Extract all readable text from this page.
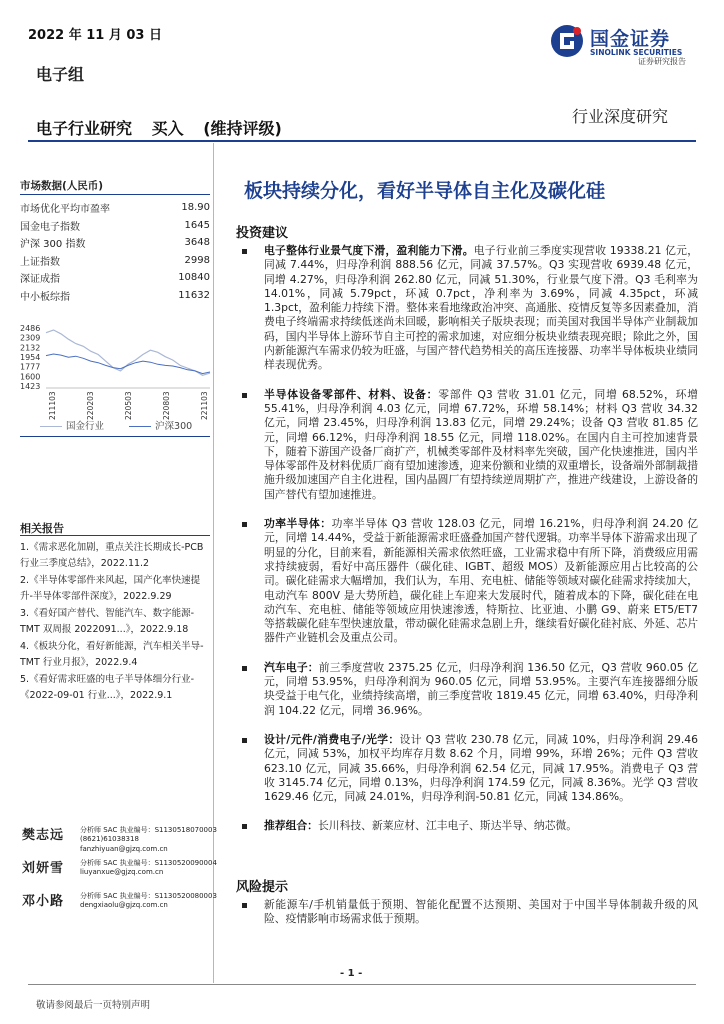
2022 年 11 月 03 日	国金证券
SINOLINK SECURITIES
证券研究报告
电子组
电子行业研究 买入 (维持评级)
行业深度研究
市场数据(人民币)
市场优化平均市盈率	18.90
国金电子指数	1645
沪深 300 指数	3648
上证指数	2998
深证成指	10840
中小板综指	11632
2486
2309
2132
1954
1777
1600
1423
211103	220203	220503	220803	221103
国金行业	沪深300
相关报告
1.《需求恶化加剧，重点关注长期成长-PCB 行业三季度总结》，2022.11.2
2.《半导体零部件来风起，国产化率快速提升-半导体零部件深度》，2022.9.29
3.《看好国产替代、智能汽车、数字能源-TMT 双周报 2022091...》，2022.9.18
4.《板块分化，看好新能源，汽车相关半导-TMT 行业月报》，2022.9.4
5.《看好需求旺盛的电子半导体细分行业-《2022-09-01 行业...》，2022.9.1
樊志远 分析师 SAC 执业编号：S1130518070003
(8621)61038318
fanzhiyuan@gjzq.com.cn
刘妍雪 分析师 SAC 执业编号：S1130520090004
liuyanxue@gjzq.com.cn
邓小路 分析师 SAC 执业编号：S1130520080003
dengxiaolu@gjzq.com.cn
板块持续分化，看好半导体自主化及碳化硅
投资建议
电子整体行业景气度下滑，盈利能力下滑。电子行业前三季度实现营收 19338.21 亿元，同减 7.44%，归母净利润 888.56 亿元，同减 37.57%。Q3 实现营收 6939.48 亿元，同增 4.27%，归母净利润 262.80 亿元，同减 51.30%，行业景气度下滑。Q3 毛利率为 14.01%，同减 5.79pct，环减 0.7pct，净利率为 3.69%，同减 4.35pct，环减 1.3pct，盈利能力持续下滑。整体来看地缘政治冲突、高通胀、疫情反复等多因素叠加，消费电子终端需求持续低迷尚未回暖，影响相关子版块表现；而美国对我国半导体产业制裁加码，国内半导体上游环节自主可控的需求加速，对应细分板块业绩表现亮眼；除此之外，国内新能源汽车需求仍较为旺盛，与国产替代趋势相关的高压连接器、功率半导体板块业绩同样表现优秀。
半导体设备零部件、材料、设备：零部件 Q3 营收 31.01 亿元，同增 68.52%，环增 55.41%，归母净利润 4.03 亿元，同增 67.72%，环增 58.14%；材料 Q3 营收 34.32 亿元，同增 23.45%，归母净利润 13.83 亿元，同增 29.24%；设备 Q3 营收 81.85 亿元，同增 66.12%，归母净利润 18.55 亿元，同增 118.02%。在国内自主可控加速背景下，随着下游国产设备厂商扩产，机械类零部件及材料率先突破，国产化快速推进，国内半导体零部件及材料优质厂商有望加速渗透，迎来份额和业绩的双重增长，设备端外部制裁措施升级加速国产自主化进程，国内晶圆厂有望持续逆周期扩产，推进产线建设，上游设备的国产替代有望加速推进。
功率半导体：功率半导体 Q3 营收 128.03 亿元，同增 16.21%，归母净利润 24.20 亿元，同增 14.44%，受益于新能源需求旺盛叠加国产替代逻辑。功率半导体下游需求出现了明显的分化，目前来看，新能源相关需求依然旺盛，工业需求稳中有所下降，消费级应用需求持续疲弱，看好中高压器件（碳化硅、IGBT、超级 MOS）及新能源应用占比较高的公司。碳化硅需求大幅增加，我们认为，车用、充电桩、储能等领域对碳化硅需求持续加大，电动汽车 800V 是大势所趋，碳化硅上车迎来大发展时代，随着成本的下降，碳化硅在电动汽车、充电桩、储能等领域应用快速渗透，特斯拉、比亚迪、小鹏 G9、蔚来 ET5/ET7 等搭载碳化硅车型快速放量，带动碳化硅需求急剧上升，继续看好碳化硅衬底、外延、芯片器件产业链机会及重点公司。
汽车电子：前三季度营收 2375.25 亿元，归母净利润 136.50 亿元，Q3 营收 960.05 亿元，同增 53.95%，归母净利润为 960.05 亿元，同增 53.95%。主要汽车连接器细分版块受益于电气化，业绩持续高增，前三季度营收 1819.45 亿元，同增 63.40%，归母净利润 104.22 亿元，同增 36.96%。
设计/元件/消费电子/光学：设计 Q3 营收 230.78 亿元，同减 10%，归母净利润 29.46 亿元，同减 53%，加权平均库存月数 8.62 个月，同增 99%，环增 26%；元件 Q3 营收 623.10 亿元，同减 35.66%，归母净利润 62.54 亿元，同减 17.95%。消费电子 Q3 营收 3145.74 亿元，同增 0.13%，归母净利润 174.59 亿元，同减 8.36%。光学 Q3 营收 1629.46 亿元，同减 24.01%，归母净利润-50.81 亿元，同减 134.86%。
推荐组合：长川科技、新莱应材、江丰电子、斯达半导、纳芯微。
风险提示
新能源车/手机销量低于预期、智能化配置不达预期、美国对于中国半导体制裁升级的风险、疫情影响市场需求低于预期。
- 1 -
敬请参阅最后一页特别声明
